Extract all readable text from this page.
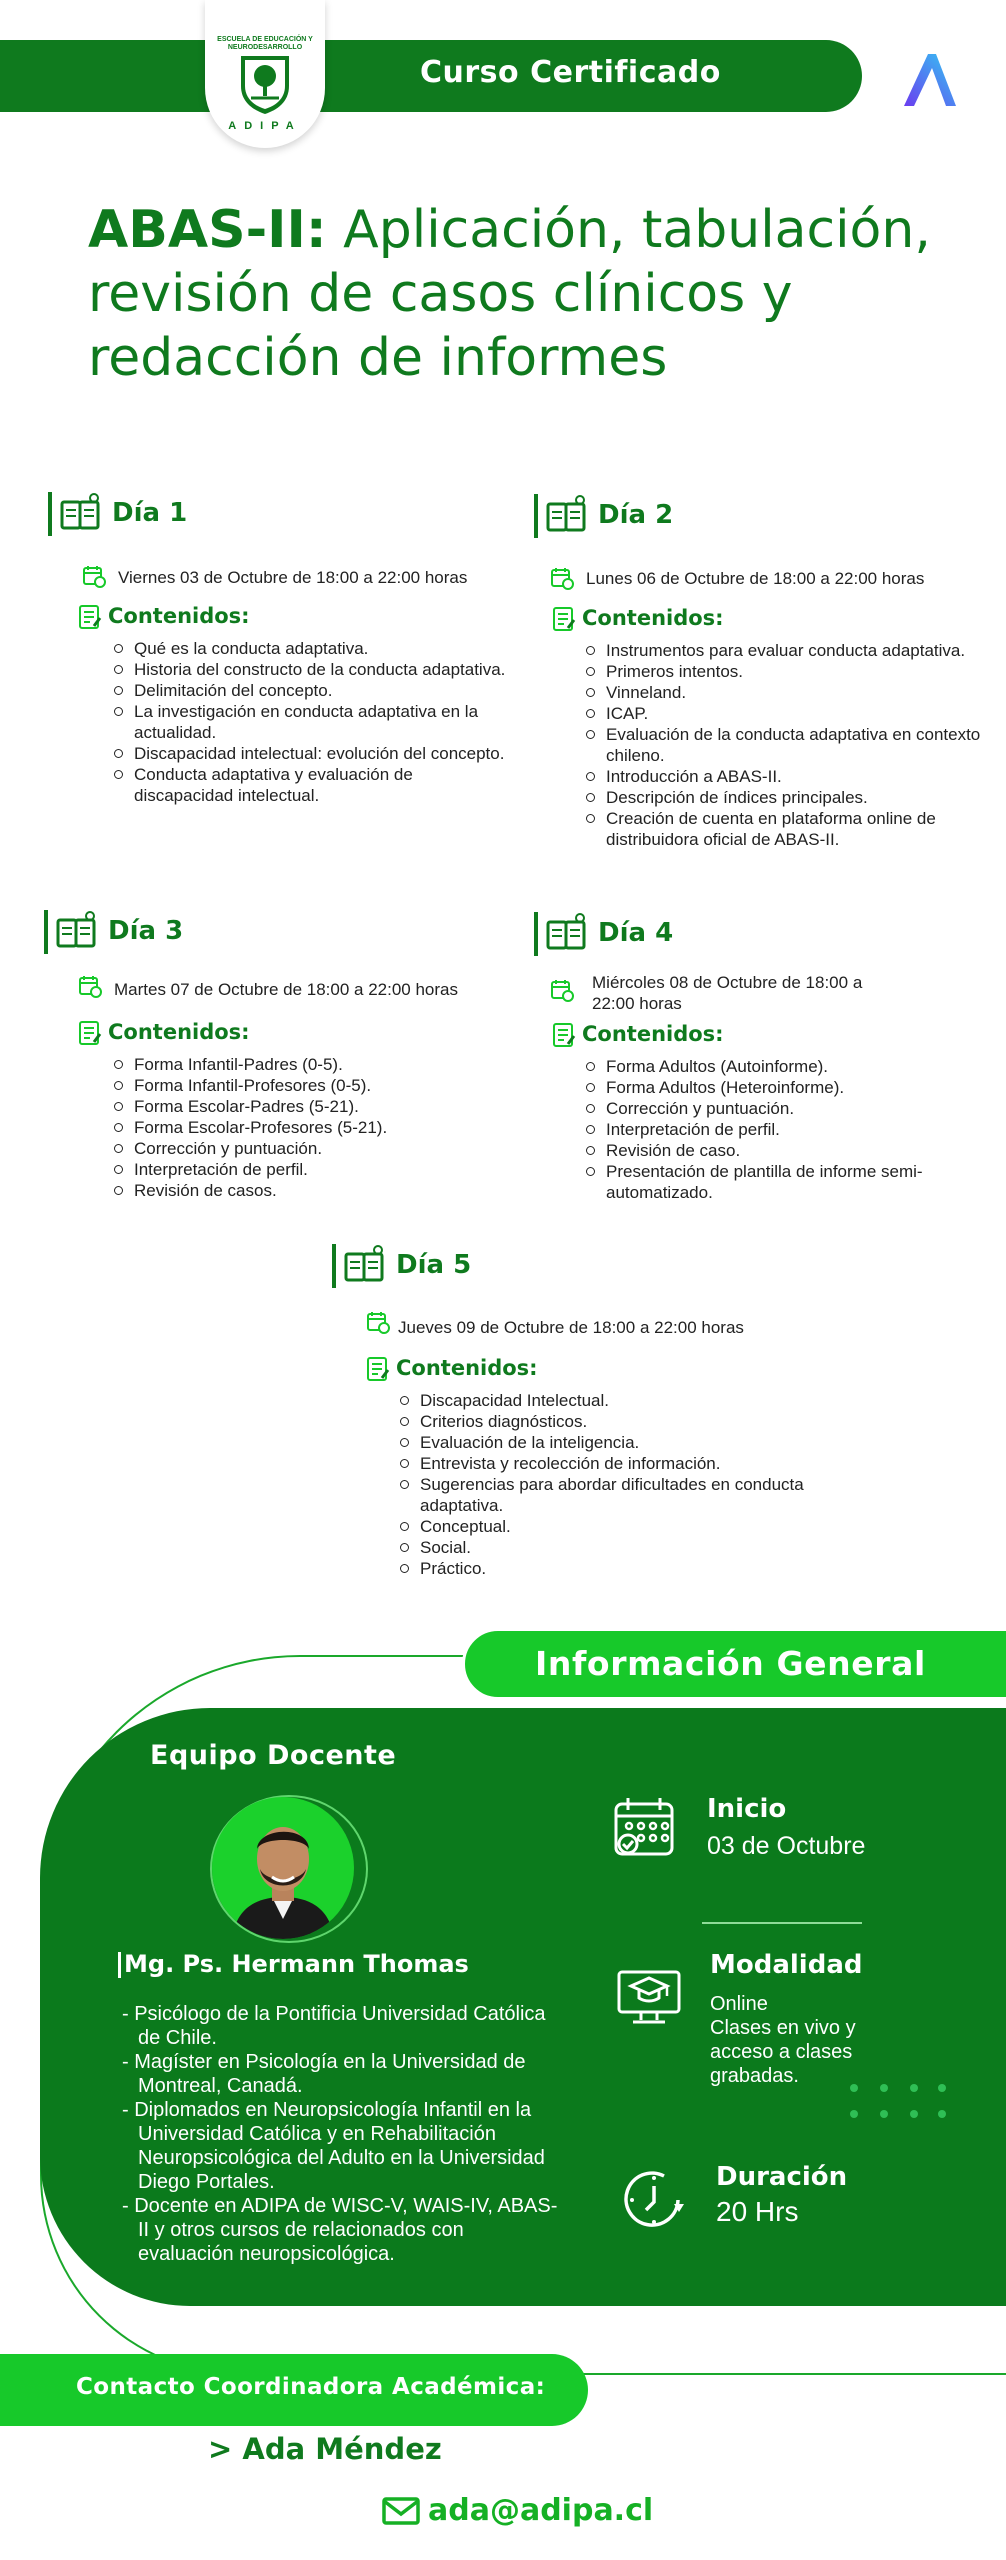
Curso Certificado
ESCUELA DE EDUCACIÓN Y NEURODESARROLLO
ADIPA
ABAS-II: Aplicación, tabulación, revisión de casos clínicos y redacción de informes
Día 1
Viernes 03 de Octubre de 18:00 a 22:00 horas
Contenidos:
Qué es la conducta adaptativa.
Historia del constructo de la conducta adaptativa.
Delimitación del concepto.
La investigación en conducta adaptativa en la actualidad.
Discapacidad intelectual: evolución del concepto.
Conducta adaptativa y evaluación de discapacidad intelectual.
Día 2
Lunes 06 de Octubre de 18:00 a 22:00 horas
Contenidos:
Instrumentos para evaluar conducta adaptativa.
Primeros intentos.
Vinneland.
ICAP.
Evaluación de la conducta adaptativa en contexto chileno.
Introducción a ABAS-II.
Descripción de índices principales.
Creación de cuenta en plataforma online de distribuidora oficial de ABAS-II.
Día 3
Martes 07 de Octubre de 18:00 a 22:00 horas
Contenidos:
Forma Infantil-Padres (0-5).
Forma Infantil-Profesores (0-5).
Forma Escolar-Padres (5-21).
Forma Escolar-Profesores (5-21).
Corrección y puntuación.
Interpretación de perfil.
Revisión de casos.
Día 4
Miércoles 08 de Octubre de 18:00 a 22:00 horas
Contenidos:
Forma Adultos (Autoinforme).
Forma Adultos (Heteroinforme).
Corrección y puntuación.
Interpretación de perfil.
Revisión de caso.
Presentación de plantilla de informe semi-automatizado.
Día 5
Jueves 09 de Octubre de 18:00 a 22:00 horas
Contenidos:
Discapacidad Intelectual.
Criterios diagnósticos.
Evaluación de la inteligencia.
Entrevista y recolección de información.
Sugerencias para abordar dificultades en conducta adaptativa.
Conceptual.
Social.
Práctico.
Información General
Equipo Docente
Mg. Ps. Hermann Thomas
- Psicólogo de la Pontificia Universidad Católica de Chile.
- Magíster en Psicología en la Universidad de Montreal, Canadá.
- Diplomados en Neuropsicología Infantil en la Universidad Católica y en Rehabilitación Neuropsicológica del Adulto en la Universidad Diego Portales.
- Docente en ADIPA de WISC-V, WAIS-IV, ABAS-II y otros cursos de relacionados con evaluación neuropsicológica.
Inicio
03 de Octubre
Modalidad
Online
Clases en vivo y acceso a clases grabadas.
Duración
20 Hrs
Contacto Coordinadora Académica:
> Ada Méndez
ada@adipa.cl
